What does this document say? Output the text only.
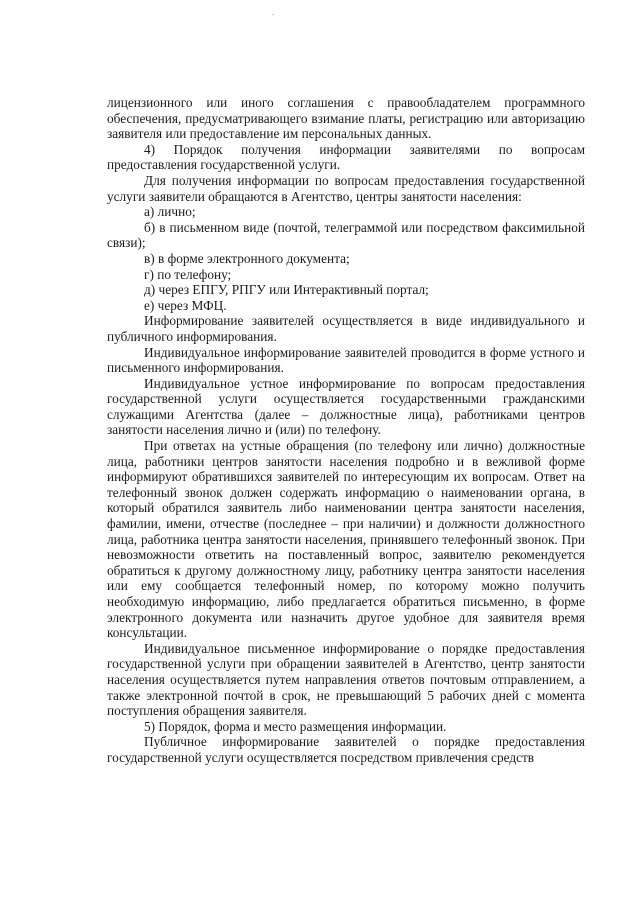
лицензионного или иного соглашения с правообладателем программного обеспечения, предусматривающего взимание платы, регистрацию или авторизацию заявителя или предоставление им персональных данных.

4) Порядок получения информации заявителями по вопросам предоставления государственной услуги.

Для получения информации по вопросам предоставления государственной услуги заявители обращаются в Агентство, центры занятости населения:

а) лично;

б) в письменном виде (почтой, телеграммой или посредством факсимильной связи);

в) в форме электронного документа;

г) по телефону;

д) через ЕПГУ, РПГУ или Интерактивный портал;

е) через МФЦ.

Информирование заявителей осуществляется в виде индивидуального и публичного информирования.

Индивидуальное информирование заявителей проводится в форме устного и письменного информирования.

Индивидуальное устное информирование по вопросам предоставления государственной услуги осуществляется государственными гражданскими служащими Агентства (далее – должностные лица), работниками центров занятости населения лично и (или) по телефону.

При ответах на устные обращения (по телефону или лично) должностные лица, работники центров занятости населения подробно и в вежливой форме информируют обратившихся заявителей по интересующим их вопросам. Ответ на телефонный звонок должен содержать информацию о наименовании органа, в который обратился заявитель либо наименовании центра занятости населения, фамилии, имени, отчестве (последнее – при наличии) и должности должностного лица, работника центра занятости населения, принявшего телефонный звонок. При невозможности ответить на поставленный вопрос, заявителю рекомендуется обратиться к другому должностному лицу, работнику центра занятости населения или ему сообщается телефонный номер, по которому можно получить необходимую информацию, либо предлагается обратиться письменно, в форме электронного документа или назначить другое удобное для заявителя время консультации.

Индивидуальное письменное информирование о порядке предоставления государственной услуги при обращении заявителей в Агентство, центр занятости населения осуществляется путем направления ответов почтовым отправлением, а также электронной почтой в срок, не превышающий 5 рабочих дней с момента поступления обращения заявителя.

5) Порядок, форма и место размещения информации.

Публичное информирование заявителей о порядке предоставления государственной услуги осуществляется посредством привлечения средств
